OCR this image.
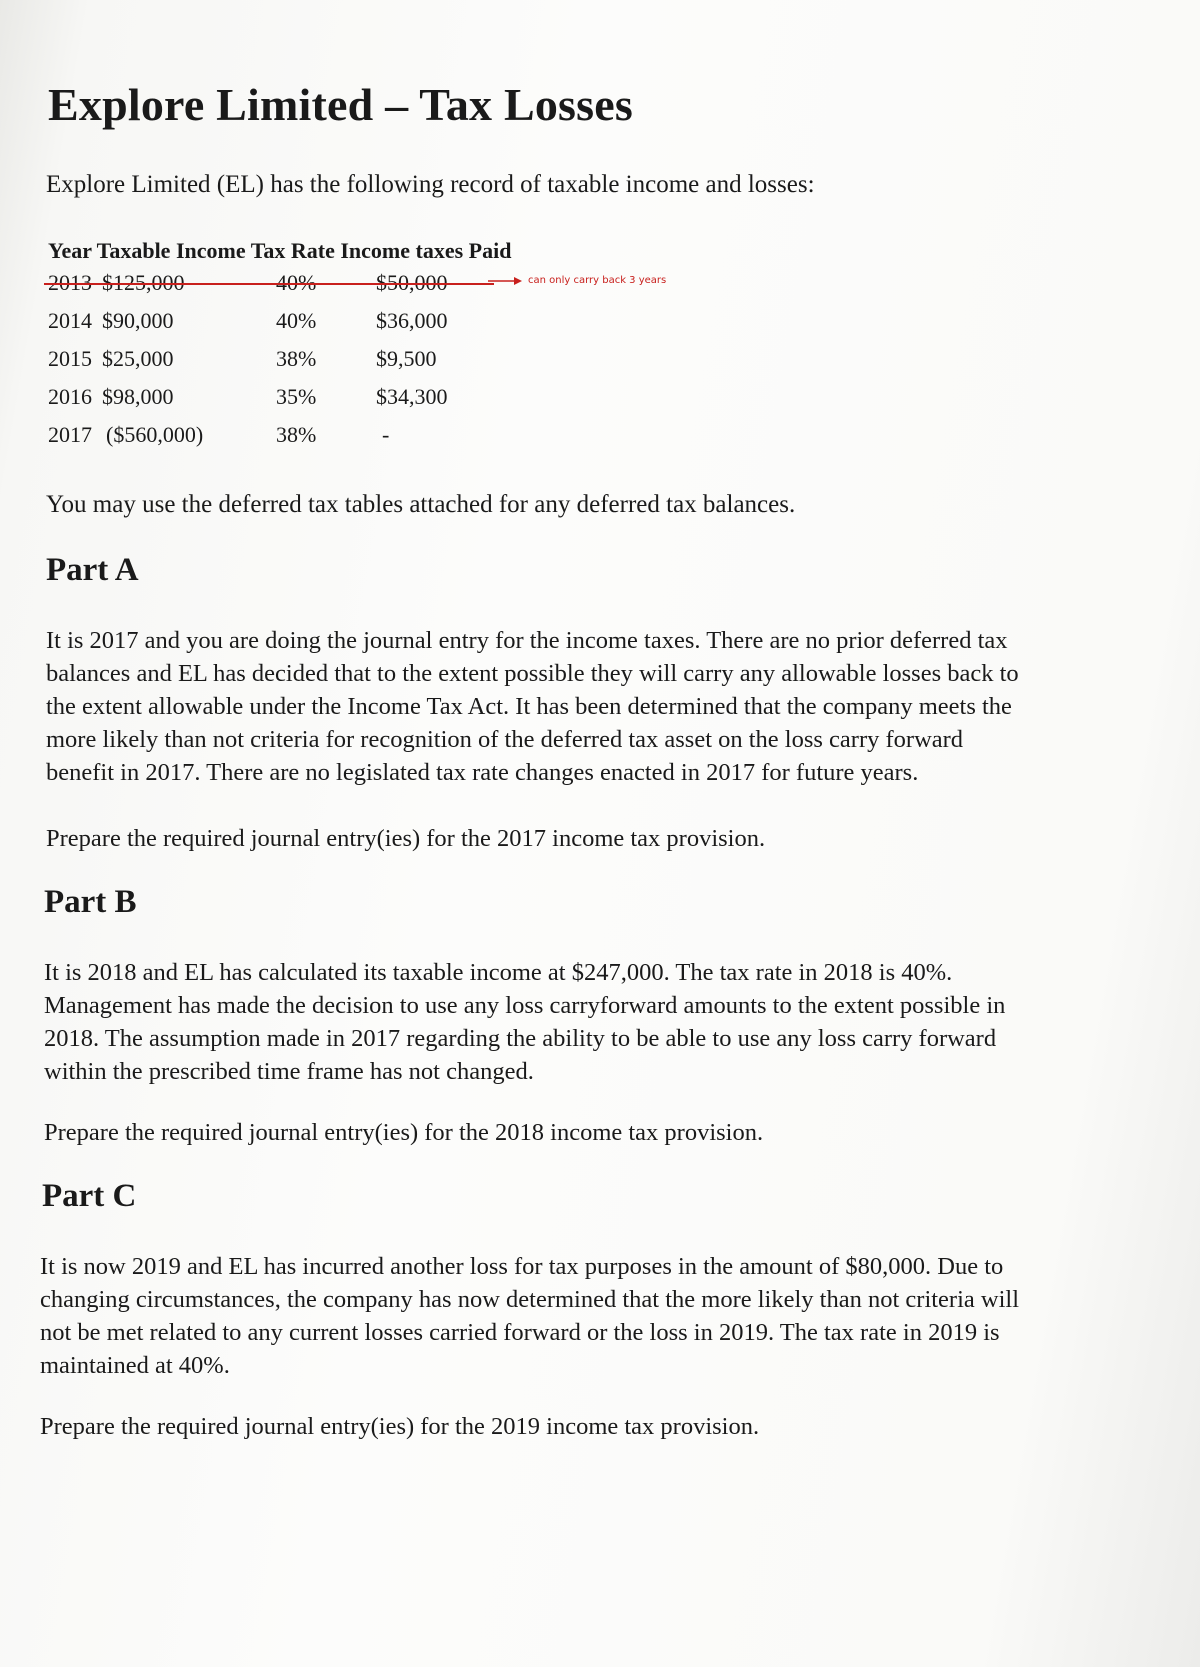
Explore Limited – Tax Losses

Explore Limited (EL) has the following record of taxable income and losses:

Year Taxable Income Tax Rate Income taxes Paid
2013 $125,000	40%	$50,000	can only carry back 3 years
2014 $90,000	40%	$36,000
2015 $25,000	38%	$9,500
2016 $98,000	35%	$34,300
2017 ($560,000)	38%	-

You may use the deferred tax tables attached for any deferred tax balances.

Part A
It is 2017 and you are doing the journal entry for the income taxes. There are no prior deferred tax
balances and EL has decided that to the extent possible they will carry any allowable losses back to
the extent allowable under the Income Tax Act. It has been determined that the company meets the
more likely than not criteria for recognition of the deferred tax asset on the loss carry forward
benefit in 2017. There are no legislated tax rate changes enacted in 2017 for future years.

Prepare the required journal entry(ies) for the 2017 income tax provision.

Part B
It is 2018 and EL has calculated its taxable income at $247,000. The tax rate in 2018 is 40%.
Management has made the decision to use any loss carryforward amounts to the extent possible in
2018. The assumption made in 2017 regarding the ability to be able to use any loss carry forward
within the prescribed time frame has not changed.

Prepare the required journal entry(ies) for the 2018 income tax provision.

Part C
It is now 2019 and EL has incurred another loss for tax purposes in the amount of $80,000. Due to
changing circumstances, the company has now determined that the more likely than not criteria will
not be met related to any current losses carried forward or the loss in 2019. The tax rate in 2019 is
maintained at 40%.

Prepare the required journal entry(ies) for the 2019 income tax provision.
